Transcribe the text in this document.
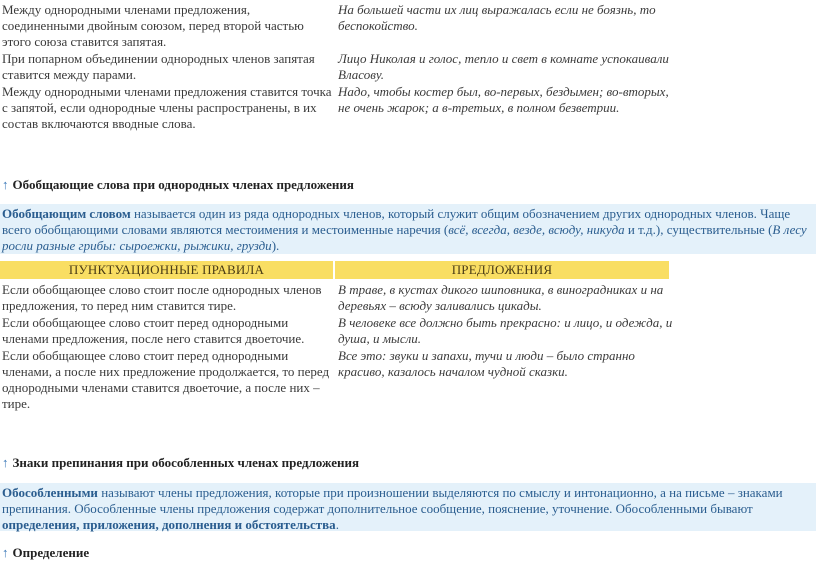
Между однородными членами предложения, соединенными двойным союзом, перед второй частью этого союза ставится запятая.
На большей части их лиц выражалась если не боязнь, то беспокойство.
При попарном объединении однородных членов запятая ставится между парами.
Лицо Николая и голос, тепло и свет в комнате успокаивали Власову.
Между однородными членами предложения ставится точка с запятой, если однородные члены распространены, в их состав включаются вводные слова.
Надо, чтобы костер был, во-первых, бездымен; во-вторых, не очень жарок; а в-третьих, в полном безветрии.
↑ Обобщающие слова при однородных членах предложения
Обобщающим словом называется один из ряда однородных членов, который служит общим обозначением других однородных членов. Чаще всего обобщающими словами являются местоимения и местоименные наречия (всё, всегда, везде, всюду, никуда и т.д.), существительные (В лесу росли разные грибы: сыроежки, рыжики, грузди).
ПУНКТУАЦИОННЫЕ ПРАВИЛА	ПРЕДЛОЖЕНИЯ
Если обобщающее слово стоит после однородных членов предложения, то перед ним ставится тире.
В траве, в кустах дикого шиповника, в виноградниках и на деревьях – всюду заливались цикады.
Если обобщающее слово стоит перед однородными членами предложения, после него ставится двоеточие.
В человеке все должно быть прекрасно: и лицо, и одежда, и душа, и мысли.
Если обобщающее слово стоит перед однородными членами, а после них предложение продолжается, то перед однородными членами ставится двоеточие, а после них – тире.
Все это: звуки и запахи, тучи и люди – было странно красиво, казалось началом чудной сказки.
↑ Знаки препинания при обособленных членах предложения
Обособленными называют члены предложения, которые при произношении выделяются по смыслу и интонационно, а на письме – знаками препинания. Обособленные члены предложения содержат дополнительное сообщение, пояснение, уточнение. Обособленными бывают определения, приложения, дополнения и обстоятельства.
↑ Определение
